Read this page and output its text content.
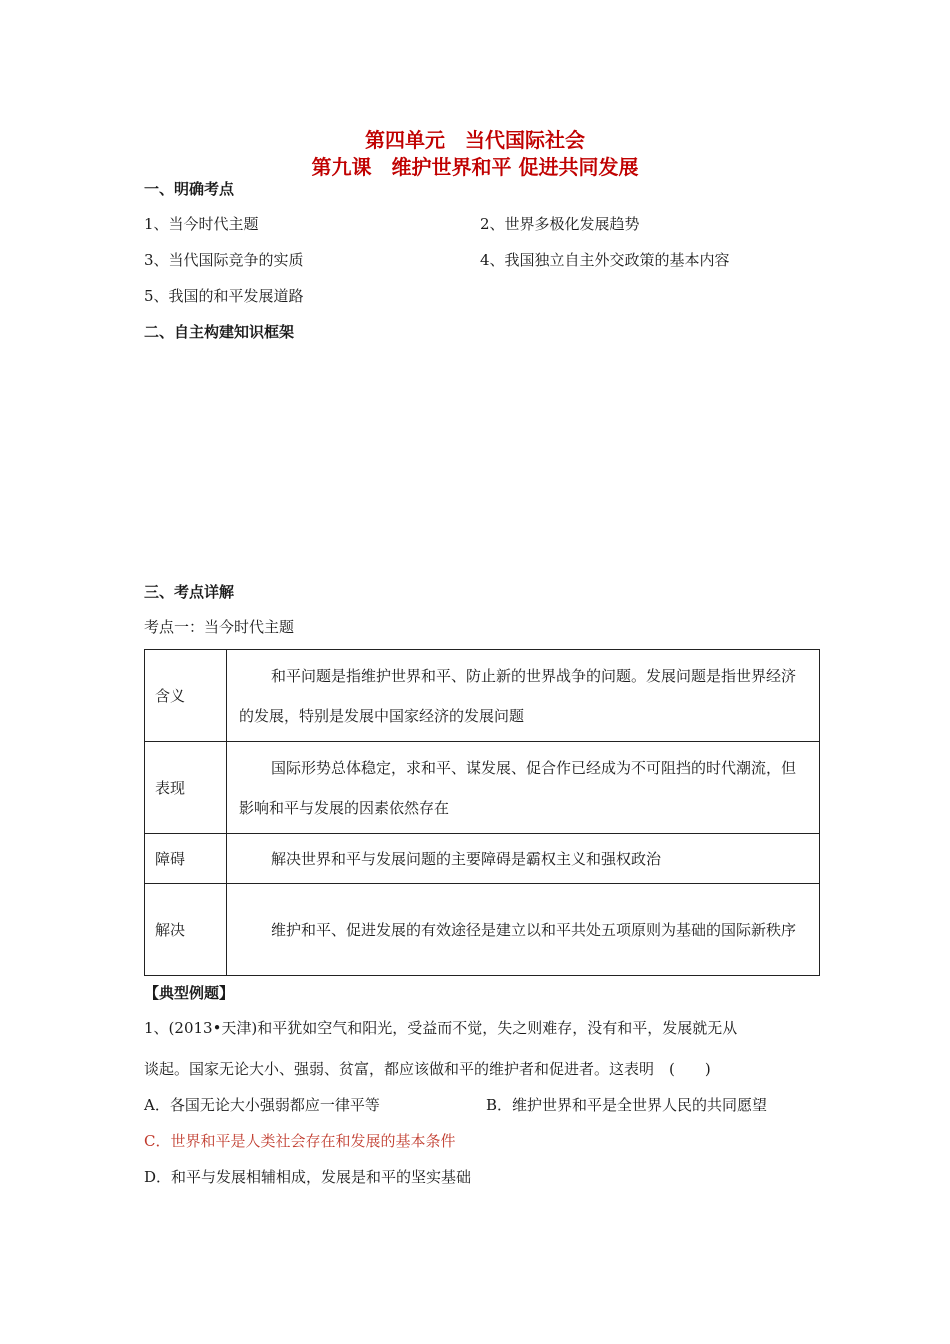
第四单元　当代国际社会
第九课　维护世界和平 促进共同发展
一、明确考点
1、当今时代主题	2、世界多极化发展趋势
3、当代国际竞争的实质	4、我国独立自主外交政策的基本内容
5、我国的和平发展道路
二、自主构建知识框架
三、考点详解
考点一：当今时代主题
含义	和平问题是指维护世界和平、防止新的世界战争的问题。发展问题是指世界经济的发展，特别是发展中国家经济的发展问题
表现	国际形势总体稳定，求和平、谋发展、促合作已经成为不可阻挡的时代潮流，但影响和平与发展的因素依然存在
障碍	解决世界和平与发展问题的主要障碍是霸权主义和强权政治
解决	维护和平、促进发展的有效途径是建立以和平共处五项原则为基础的国际新秩序
【典型例题】
1、(2013•天津)和平犹如空气和阳光，受益而不觉，失之则难存，没有和平，发展就无从
谈起。国家无论大小、强弱、贫富，都应该做和平的维护者和促进者。这表明　(　　)
A．各国无论大小强弱都应一律平等	B．维护世界和平是全世界人民的共同愿望
C．世界和平是人类社会存在和发展的基本条件
D．和平与发展相辅相成，发展是和平的坚实基础
